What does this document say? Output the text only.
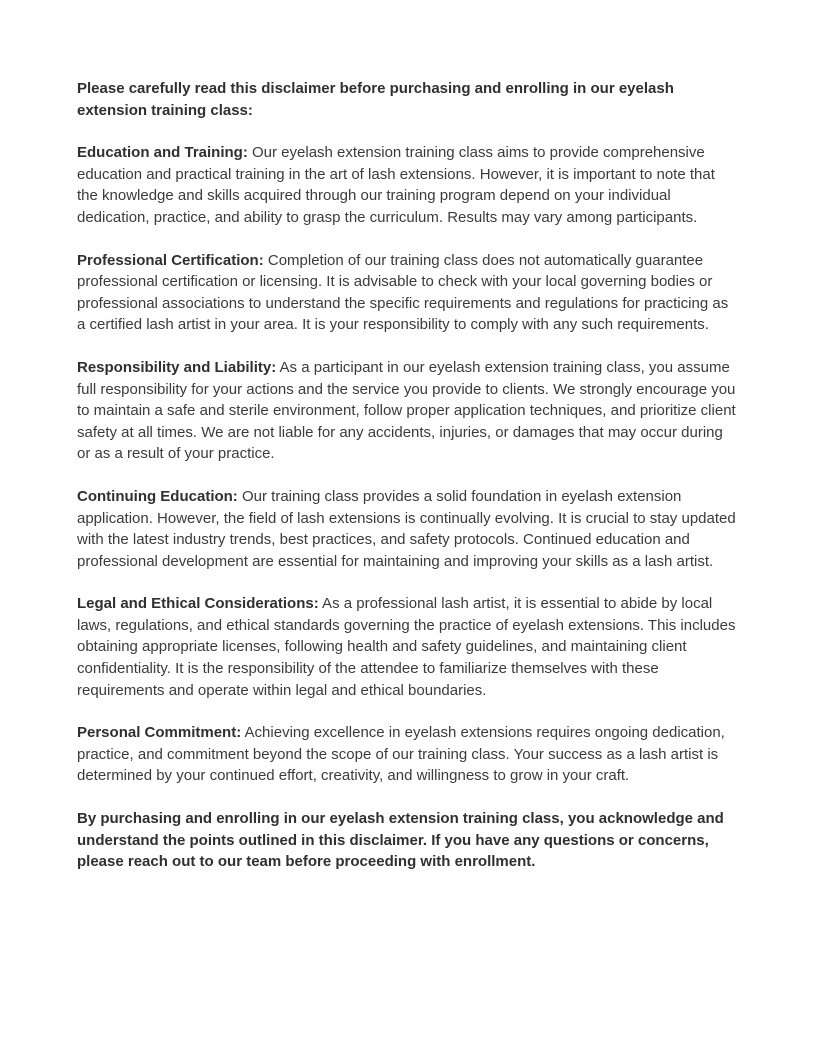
Please carefully read this disclaimer before purchasing and enrolling in our eyelash extension training class:

Education and Training: Our eyelash extension training class aims to provide comprehensive education and practical training in the art of lash extensions. However, it is important to note that the knowledge and skills acquired through our training program depend on your individual dedication, practice, and ability to grasp the curriculum. Results may vary among participants.

Professional Certification: Completion of our training class does not automatically guarantee professional certification or licensing. It is advisable to check with your local governing bodies or professional associations to understand the specific requirements and regulations for practicing as a certified lash artist in your area. It is your responsibility to comply with any such requirements.

Responsibility and Liability: As a participant in our eyelash extension training class, you assume full responsibility for your actions and the service you provide to clients. We strongly encourage you to maintain a safe and sterile environment, follow proper application techniques, and prioritize client safety at all times. We are not liable for any accidents, injuries, or damages that may occur during or as a result of your practice.

Continuing Education: Our training class provides a solid foundation in eyelash extension application. However, the field of lash extensions is continually evolving. It is crucial to stay updated with the latest industry trends, best practices, and safety protocols. Continued education and professional development are essential for maintaining and improving your skills as a lash artist.

Legal and Ethical Considerations: As a professional lash artist, it is essential to abide by local laws, regulations, and ethical standards governing the practice of eyelash extensions. This includes obtaining appropriate licenses, following health and safety guidelines, and maintaining client confidentiality. It is the responsibility of the attendee to familiarize themselves with these requirements and operate within legal and ethical boundaries.

Personal Commitment: Achieving excellence in eyelash extensions requires ongoing dedication, practice, and commitment beyond the scope of our training class. Your success as a lash artist is determined by your continued effort, creativity, and willingness to grow in your craft.

By purchasing and enrolling in our eyelash extension training class, you acknowledge and understand the points outlined in this disclaimer. If you have any questions or concerns, please reach out to our team before proceeding with enrollment.
